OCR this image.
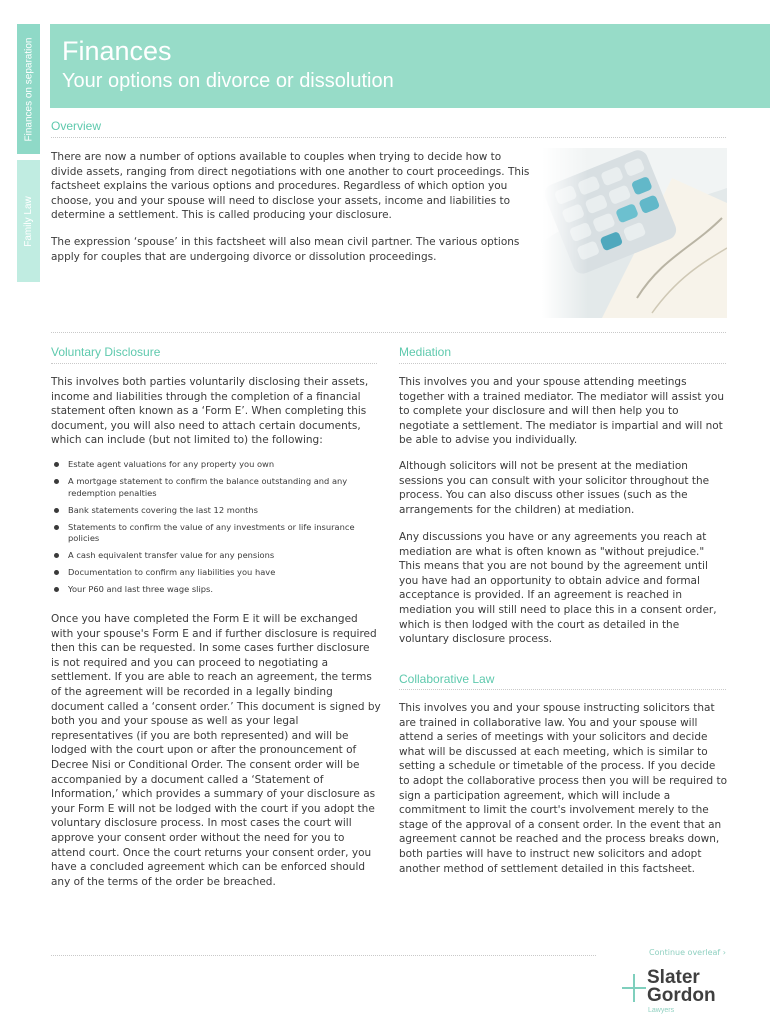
Finances on separation
Family Law
Finances
Your options on divorce or dissolution
Overview

There are now a number of options available to couples when trying to decide how to divide assets, ranging from direct negotiations with one another to court proceedings. This factsheet explains the various options and procedures. Regardless of which option you choose, you and your spouse will need to disclose your assets, income and liabilities to determine a settlement. This is called producing your disclosure.

The expression ‘spouse’ in this factsheet will also mean civil partner. The various options apply for couples that are undergoing divorce or dissolution proceedings.

Voluntary Disclosure

This involves both parties voluntarily disclosing their assets, income and liabilities through the completion of a financial statement often known as a ‘Form E’. When completing this document, you will also need to attach certain documents, which can include (but not limited to) the following:

Estate agent valuations for any property you own
A mortgage statement to confirm the balance outstanding and any redemption penalties
Bank statements covering the last 12 months
Statements to confirm the value of any investments or life insurance policies
A cash equivalent transfer value for any pensions
Documentation to confirm any liabilities you have
Your P60 and last three wage slips.

Once you have completed the Form E it will be exchanged with your spouse's Form E and if further disclosure is required then this can be requested. In some cases further disclosure is not required and you can proceed to negotiating a settlement. If you are able to reach an agreement, the terms of the agreement will be recorded in a legally binding document called a ‘consent order.’ This document is signed by both you and your spouse as well as your legal representatives (if you are both represented) and will be lodged with the court upon or after the pronouncement of Decree Nisi or Conditional Order. The consent order will be accompanied by a document called a ‘Statement of Information,’ which provides a summary of your disclosure as your Form E will not be lodged with the court if you adopt the voluntary disclosure process. In most cases the court will approve your consent order without the need for you to attend court. Once the court returns your consent order, you have a concluded agreement which can be enforced should any of the terms of the order be breached.

Mediation

This involves you and your spouse attending meetings together with a trained mediator. The mediator will assist you to complete your disclosure and will then help you to negotiate a settlement. The mediator is impartial and will not be able to advise you individually.

Although solicitors will not be present at the mediation sessions you can consult with your solicitor throughout the process. You can also discuss other issues (such as the arrangements for the children) at mediation.

Any discussions you have or any agreements you reach at mediation are what is often known as "without prejudice." This means that you are not bound by the agreement until you have had an opportunity to obtain advice and formal acceptance is provided. If an agreement is reached in mediation you will still need to place this in a consent order, which is then lodged with the court as detailed in the voluntary disclosure process.

Collaborative Law

This involves you and your spouse instructing solicitors that are trained in collaborative law. You and your spouse will attend a series of meetings with your solicitors and decide what will be discussed at each meeting, which is similar to setting a schedule or timetable of the process. If you decide to adopt the collaborative process then you will be required to sign a participation agreement, which will include a commitment to limit the court's involvement merely to the stage of the approval of a consent order. In the event that an agreement cannot be reached and the process breaks down, both parties will have to instruct new solicitors and adopt another method of settlement detailed in this factsheet.

Continue overleaf ›
Slater
Gordon
Lawyers
